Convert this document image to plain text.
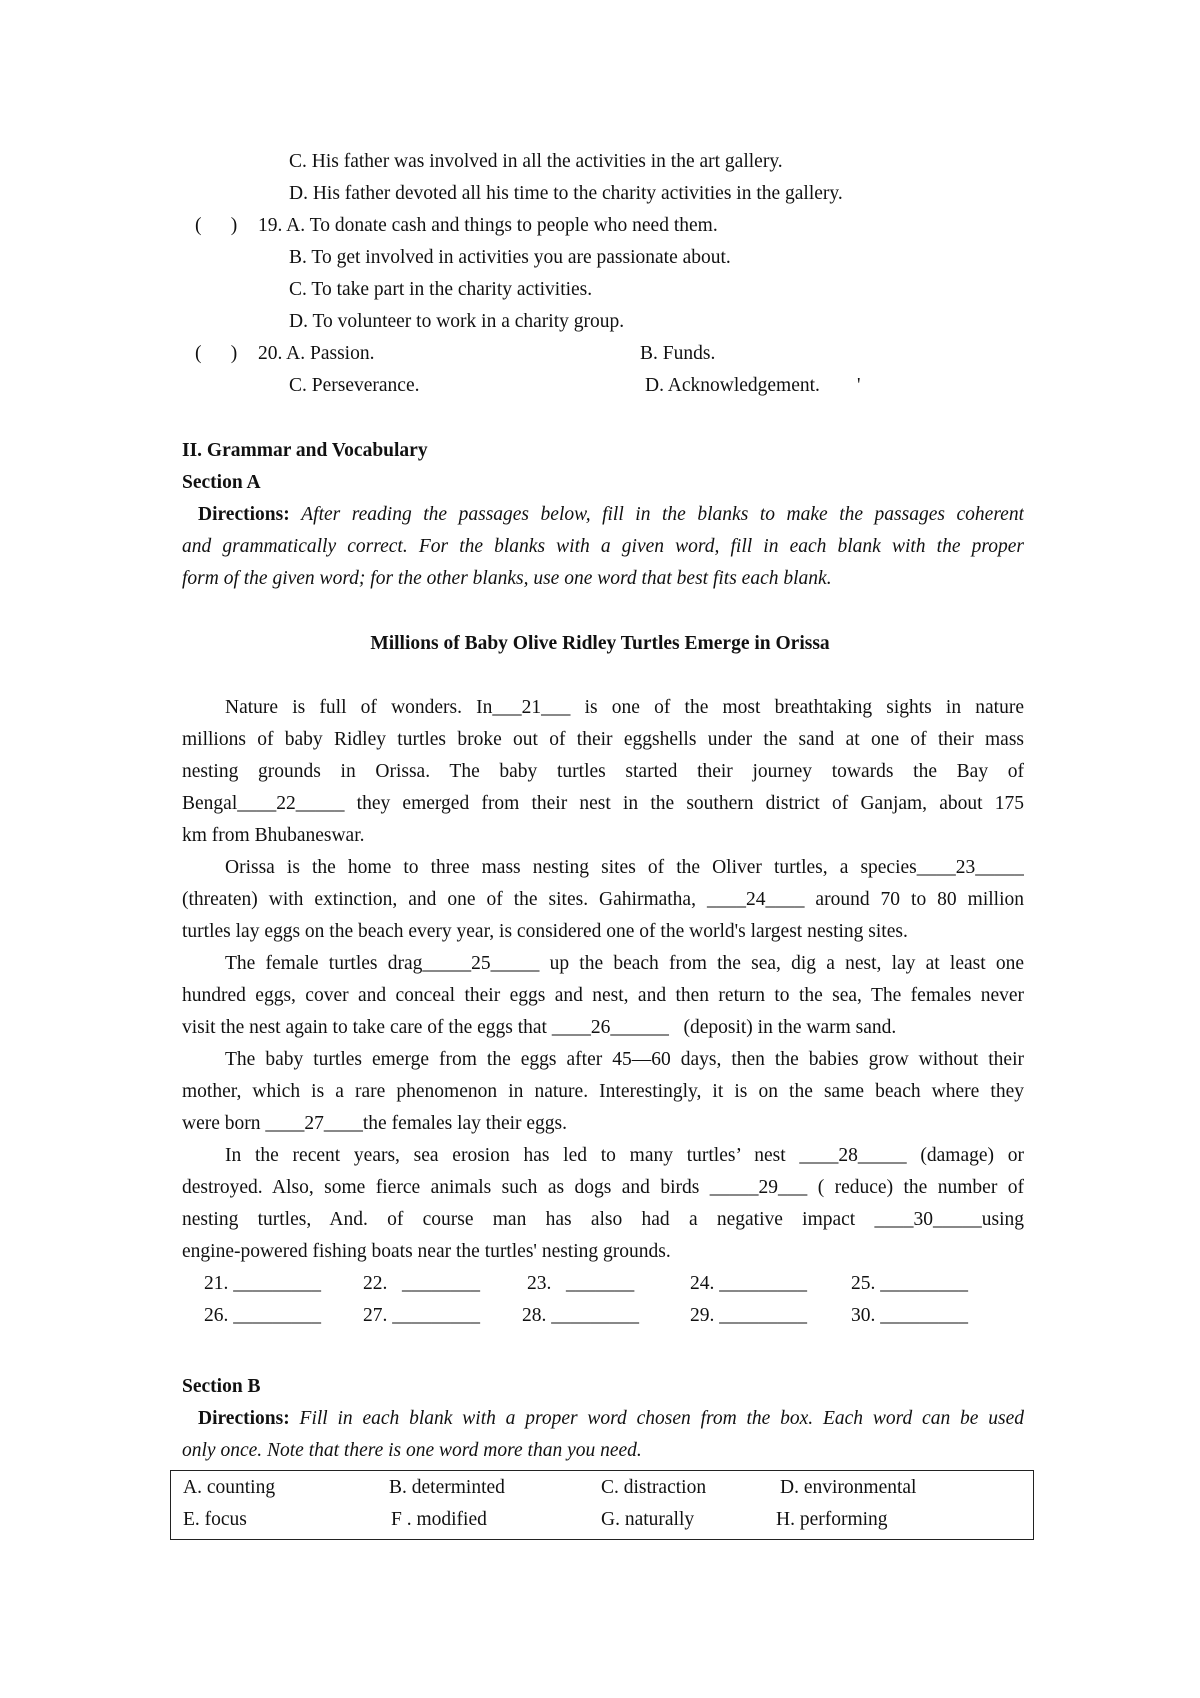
C. His father was involved in all the activities in the art gallery.
D. His father devoted all his time to the charity activities in the gallery.
(      ) 19. A. To donate cash and things to people who need them.
B. To get involved in activities you are passionate about.
C. To take part in the charity activities.
D. To volunteer to work in a charity group.
(      ) 20. A. Passion.	B. Funds.
C. Perseverance.	D. Acknowledgement. '
II. Grammar and Vocabulary
Section A
Directions: After reading the passages below, fill in the blanks to make the passages coherent
and grammatically correct. For the blanks with a given word, fill in each blank with the proper
form of the given word; for the other blanks, use one word that best fits each blank.
Millions of Baby Olive Ridley Turtles Emerge in Orissa
Nature is full of wonders. In___21___ is one of the most breathtaking sights in nature
millions of baby Ridley turtles broke out of their eggshells under the sand at one of their mass
nesting grounds in Orissa. The baby turtles started their journey towards the Bay of
Bengal____22_____ they emerged from their nest in the southern district of Ganjam, about 175
km from Bhubaneswar.
Orissa is the home to three mass nesting sites of the Oliver turtles, a species____23_____
(threaten) with extinction, and one of the sites. Gahirmatha, ____24____ around 70 to 80 million
turtles lay eggs on the beach every year, is considered one of the world's largest nesting sites.
The female turtles drag_____25_____ up the beach from the sea, dig a nest, lay at least one
hundred eggs, cover and conceal their eggs and nest, and then return to the sea, The females never
visit the nest again to take care of the eggs that ____26______   (deposit) in the warm sand.
The baby turtles emerge from the eggs after 45—60 days, then the babies grow without their
mother, which is a rare phenomenon in nature. Interestingly, it is on the same beach where they
were born ____27____the females lay their eggs.
In the recent years, sea erosion has led to many turtles’ nest ____28_____ (damage) or
destroyed. Also, some fierce animals such as dogs and birds _____29___ ( reduce) the number of
nesting turtles, And. of course man has also had a negative impact ____30_____using
engine-powered fishing boats near the turtles' nesting grounds.
21. _________ 22.   ________ 23.   _______	24. _________ 25. _________
26. _________ 27. _________ 28. _________	29. _________ 30. _________
Section B
Directions: Fill in each blank with a proper word chosen from the box. Each word can be used
only once. Note that there is one word more than you need.
A. counting	B. determinted	C. distraction	D. environmental
E. focus	F . modified	G. naturally	H. performing
